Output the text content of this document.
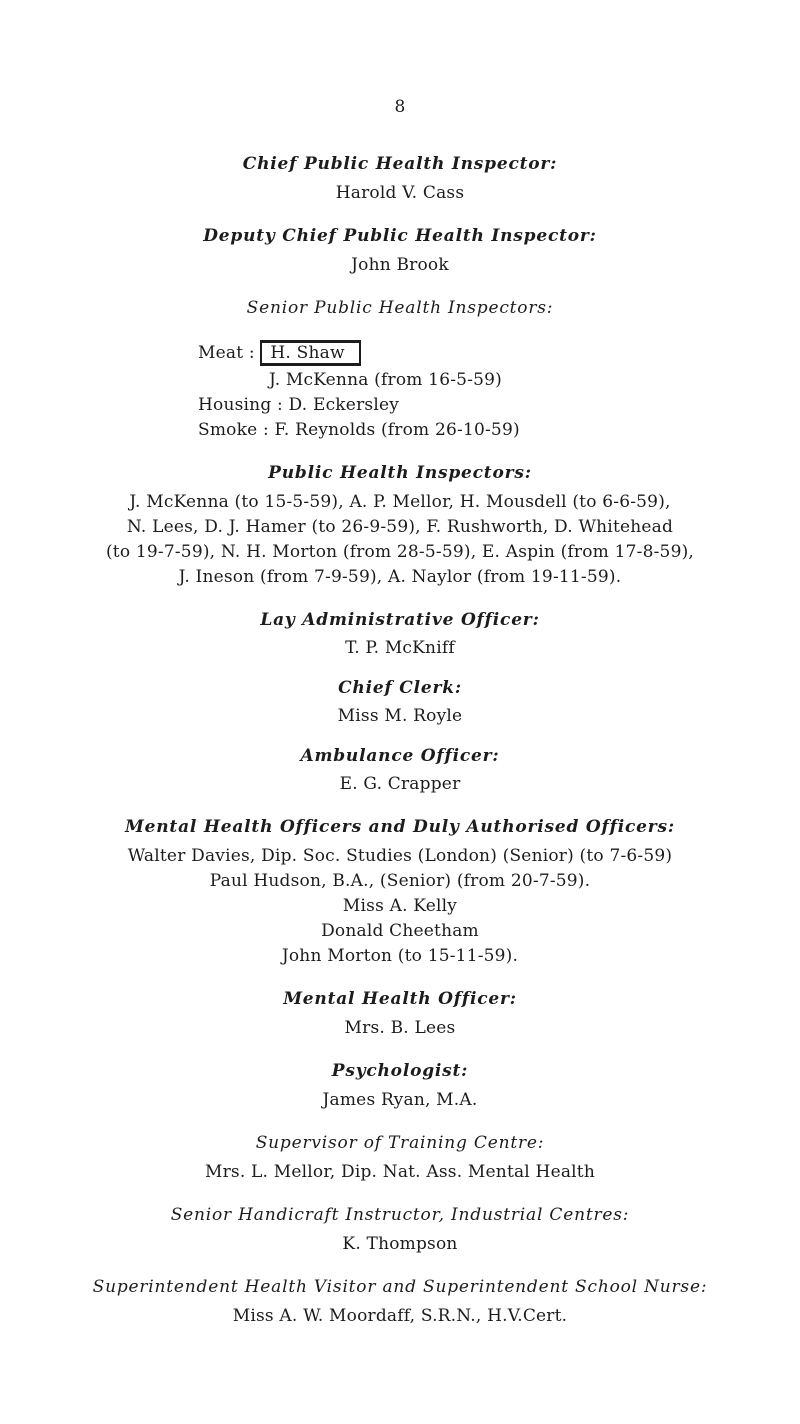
8
Chief Public Health Inspector:
Harold V. Cass
Deputy Chief Public Health Inspector:
John Brook
Senior Public Health Inspectors:
Meat : H. Shaw
J. McKenna (from 16-5-59)
Housing : D. Eckersley
Smoke : F. Reynolds (from 26-10-59)
Public Health Inspectors:
J. McKenna (to 15-5-59), A. P. Mellor, H. Mousdell (to 6-6-59),
N. Lees, D. J. Hamer (to 26-9-59), F. Rushworth, D. Whitehead
(to 19-7-59), N. H. Morton (from 28-5-59), E. Aspin (from 17-8-59),
J. Ineson (from 7-9-59), A. Naylor (from 19-11-59).
Lay Administrative Officer:
T. P. McKniff
Chief Clerk:
Miss M. Royle
Ambulance Officer:
E. G. Crapper
Mental Health Officers and Duly Authorised Officers:
Walter Davies, Dip. Soc. Studies (London) (Senior) (to 7-6-59)
Paul Hudson, B.A., (Senior) (from 20-7-59).
Miss A. Kelly
Donald Cheetham
John Morton (to 15-11-59).
Mental Health Officer:
Mrs. B. Lees
Psychologist:
James Ryan, M.A.
Supervisor of Training Centre:
Mrs. L. Mellor, Dip. Nat. Ass. Mental Health
Senior Handicraft Instructor, Industrial Centres:
K. Thompson
Superintendent Health Visitor and Superintendent School Nurse:
Miss A. W. Moordaff, S.R.N., H.V.Cert.
